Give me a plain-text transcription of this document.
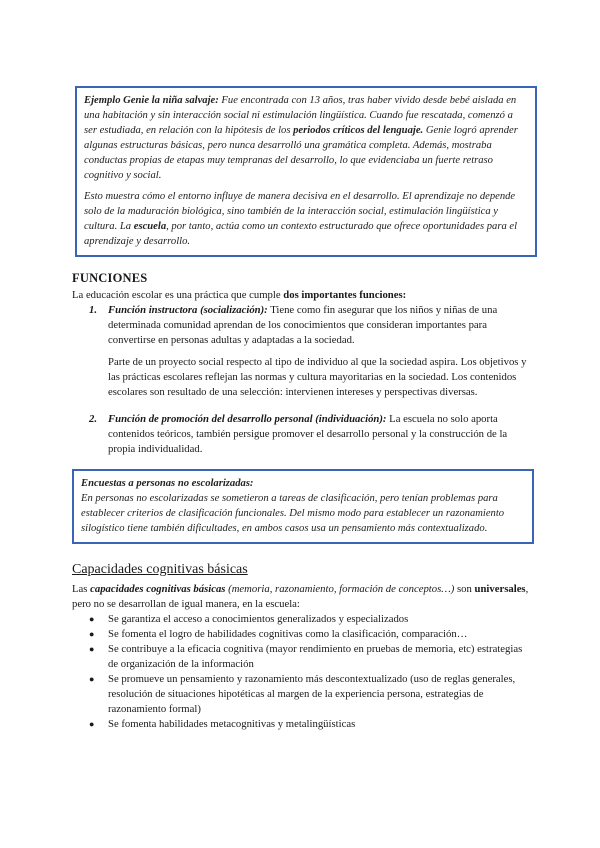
Ejemplo Genie la niña salvaje: Fue encontrada con 13 años, tras haber vivido desde bebé aislada en una habitación y sin interacción social ni estimulación lingüística. Cuando fue rescatada, comenzó a ser estudiada, en relación con la hipótesis de los periodos críticos del lenguaje. Genie logró aprender algunas estructuras básicas, pero nunca desarrolló una gramática completa. Además, mostraba conductas propias de etapas muy tempranas del desarrollo, lo que evidenciaba un fuerte retraso cognitivo y social.

Esto muestra cómo el entorno influye de manera decisiva en el desarrollo. El aprendizaje no depende solo de la maduración biológica, sino también de la interacción social, estimulación lingüística y cultura. La escuela, por tanto, actúa como un contexto estructurado que ofrece oportunidades para el aprendizaje y desarrollo.

FUNCIONES

La educación escolar es una práctica que cumple dos importantes funciones:

1. Función instructora (socialización): Tiene como fin asegurar que los niños y niñas de una determinada comunidad aprendan de los conocimientos que consideran importantes para convertirse en personas adultas y adaptadas a la sociedad.

Parte de un proyecto social respecto al tipo de individuo al que la sociedad aspira. Los objetivos y las prácticas escolares reflejan las normas y cultura mayoritarias en la sociedad. Los contenidos escolares son resultado de una selección: intervienen intereses y perspectivas diversas.

2. Función de promoción del desarrollo personal (individuación): La escuela no solo aporta contenidos teóricos, también persigue promover el desarrollo personal y la construcción de la propia individualidad.

Encuestas a personas no escolarizadas:

En personas no escolarizadas se sometieron a tareas de clasificación, pero tenían problemas para establecer criterios de clasificación funcionales. Del mismo modo para establecer un razonamiento silogístico tiene también dificultades, en ambos casos usa un pensamiento más contextualizado.

Capacidades cognitivas básicas

Las capacidades cognitivas básicas (memoria, razonamiento, formación de conceptos…) son universales, pero no se desarrollan de igual manera, en la escuela:

● Se garantiza el acceso a conocimientos generalizados y especializados
● Se fomenta el logro de habilidades cognitivas como la clasificación, comparación…
● Se contribuye a la eficacia cognitiva (mayor rendimiento en pruebas de memoria, etc) estrategias de organización de la información
● Se promueve un pensamiento y razonamiento más descontextualizado (uso de reglas generales, resolución de situaciones hipotéticas al margen de la experiencia persona, estrategias de razonamiento formal)
● Se fomenta habilidades metacognitivas y metalingüísticas
